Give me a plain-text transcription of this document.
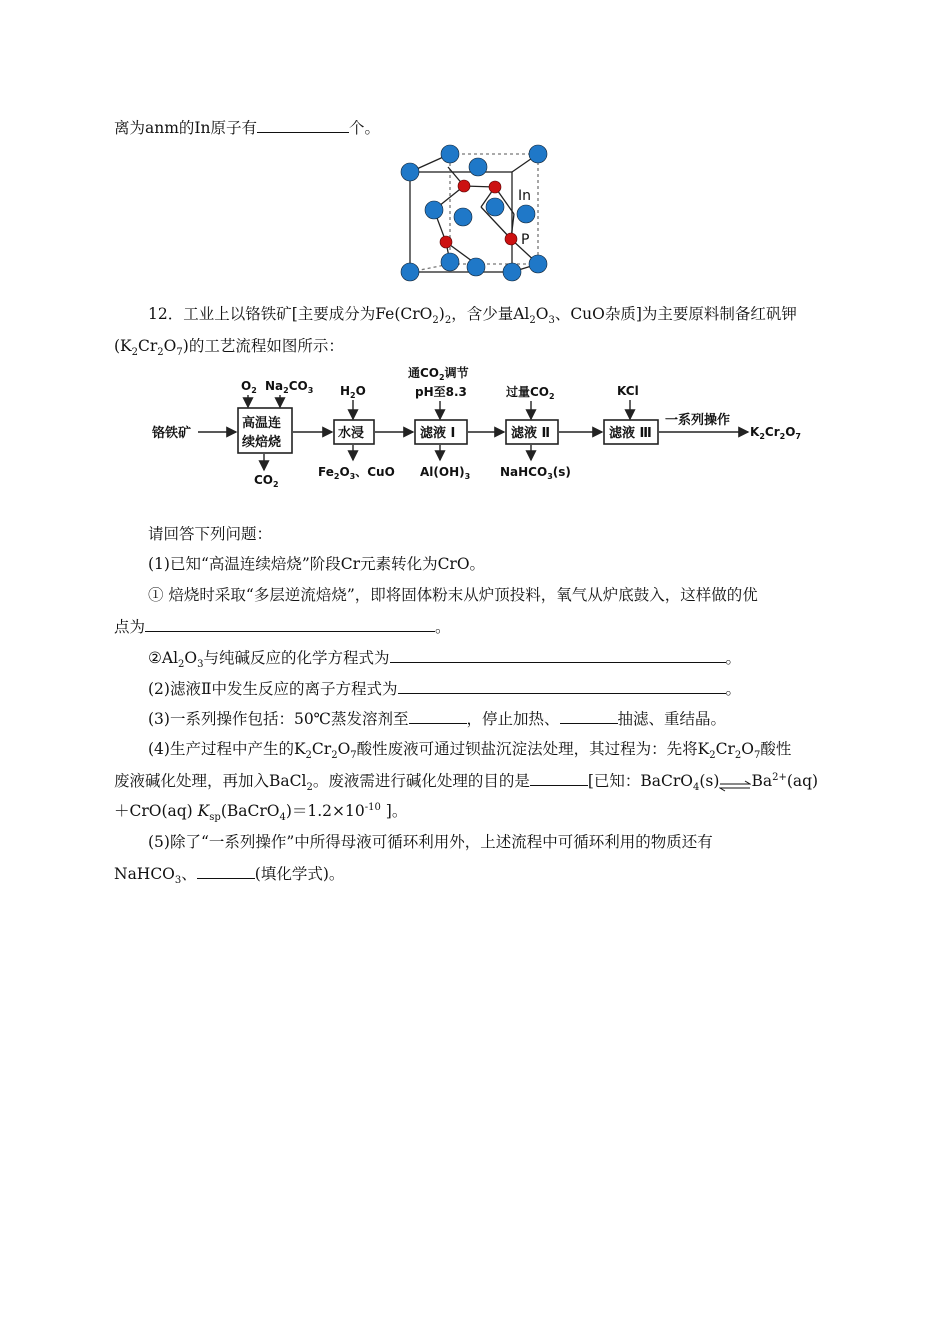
离为anm的In原子有	个。
In
P
12．工业上以铬铁矿[主要成分为$Fe(CrO_2)_2$，含少量$Al_2O_3$、CuO杂质]为主要原料制备红矾钾
$(K_2Cr_2O_7)$的工艺流程如图所示：
铬铁矿
高温连
续焙烧
$O_2$ $Na_2CO_3$
$CO_2$
水浸
$H_2O$
$Fe_2O_3$、CuO
滤液 Ⅰ
通$CO_2$调节
pH至8.3
$Al(OH)_3$
滤液 Ⅱ
过量$CO_2$
NaHCO$_3$(s)
滤液 Ⅲ
KCl
一系列操作
$K_2Cr_2O_7$
请回答下列问题：
(1)已知“高温连续焙烧”阶段Cr元素转化为CrO。
① 焙烧时采取“多层逆流焙烧”，即将固体粉末从炉顶投料，氧气从炉底鼓入，这样做的优
点为	。
$②Al_2O_3$与纯碱反应的化学方程式为	。
(2)滤液Ⅱ中发生反应的离子方程式为	。
(3)一系列操作包括：50℃蒸发溶剂至	，停止加热、	抽滤、重结晶。
(4)生产过程中产生的$K_2Cr_2O_7$酸性废液可通过钡盐沉淀法处理，其过程为：先将$K_2Cr_2O_7$酸性
废液碱化处理，再加入BaCl$_2$。废液需进行碱化处理的目的是	[已知：$BaCrO_4(s)\rightleftharpoons Ba^{2+}(aq)$
＋CrO(aq) $K_{sp}(BaCrO_4)=1.2\times 10^{-10}$ ]。
(5)除了“一系列操作”中所得母液可循环利用外，上述流程中可循环利用的物质还有
NaHCO$_3$、	(填化学式)。
